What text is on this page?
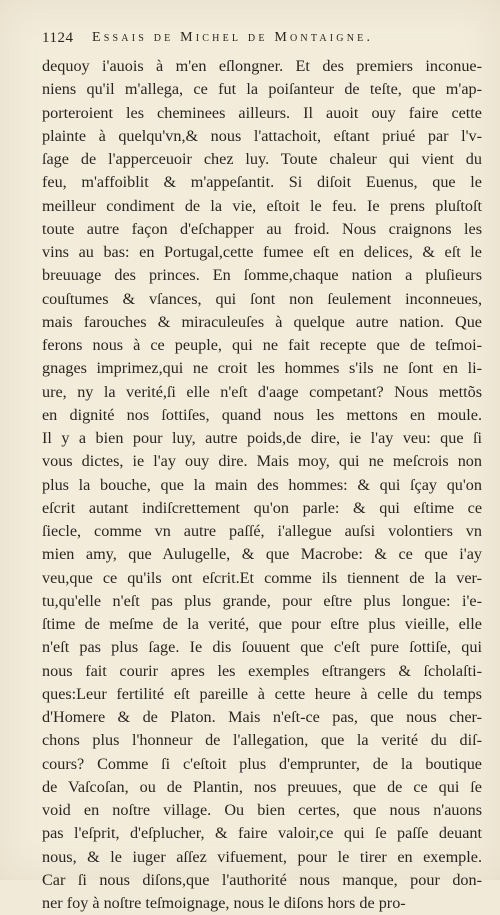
1124 Essais de Michel de Montaigne.
dequoy i'auois à m'en eſlongner. Et des premiers inconue-
niens qu'il m'allega, ce fut la poiſanteur de teſte, que m'ap-
porteroient les cheminees ailleurs. Il auoit ouy faire cette
plainte à quelqu'vn,& nous l'attachoit, eſtant priué par l'v-
ſage de l'apperceuoir chez luy. Toute chaleur qui vient du
feu, m'affoiblit & m'appeſantit. Si diſoit Euenus, que le
meilleur condiment de la vie, eſtoit le feu. Ie prens pluſtoſt
toute autre façon d'eſchapper au froid. Nous craignons les
vins au bas: en Portugal,cette fumee eſt en delices, & eſt le
breuuage des princes. En ſomme,chaque nation a pluſieurs
couſtumes & vſances, qui ſont non ſeulement inconneues,
mais farouches & miraculeuſes à quelque autre nation. Que
ferons nous à ce peuple, qui ne fait recepte que de teſmoi-
gnages imprimez,qui ne croit les hommes s'ils ne ſont en li-
ure, ny la verité,ſi elle n'eſt d'aage competant? Nous mettõs
en dignité nos ſottiſes, quand nous les mettons en moule.
Il y a bien pour luy, autre poids,de dire, ie l'ay veu: que ſi
vous dictes, ie l'ay ouy dire. Mais moy, qui ne meſcrois non
plus la bouche, que la main des hommes: & qui ſçay qu'on
eſcrit autant indiſcrettement qu'on parle: & qui eſtime ce
ſiecle, comme vn autre paſſé, i'allegue auſsi volontiers vn
mien amy, que Aulugelle, & que Macrobe: & ce que i'ay
veu,que ce qu'ils ont eſcrit.Et comme ils tiennent de la ver-
tu,qu'elle n'eſt pas plus grande, pour eſtre plus longue: i'e-
ſtime de meſme de la verité, que pour eſtre plus vieille, elle
n'eſt pas plus ſage. Ie dis ſouuent que c'eſt pure ſottiſe, qui
nous fait courir apres les exemples eſtrangers & ſcholaſti-
ques:Leur fertilité eſt pareille à cette heure à celle du temps
d'Homere & de Platon. Mais n'eſt-ce pas, que nous cher-
chons plus l'honneur de l'allegation, que la verité du diſ-
cours? Comme ſi c'eſtoit plus d'emprunter, de la boutique
de Vaſcoſan, ou de Plantin, nos preuues, que de ce qui ſe
void en noſtre village. Ou bien certes, que nous n'auons
pas l'eſprit, d'eſplucher, & faire valoir,ce qui ſe paſſe deuant
nous, & le iuger aſſez vifuement, pour le tirer en exemple.
Car ſi nous diſons,que l'authorité nous manque, pour don-
ner foy à noſtre teſmoignage, nous le diſons hors de pro-
